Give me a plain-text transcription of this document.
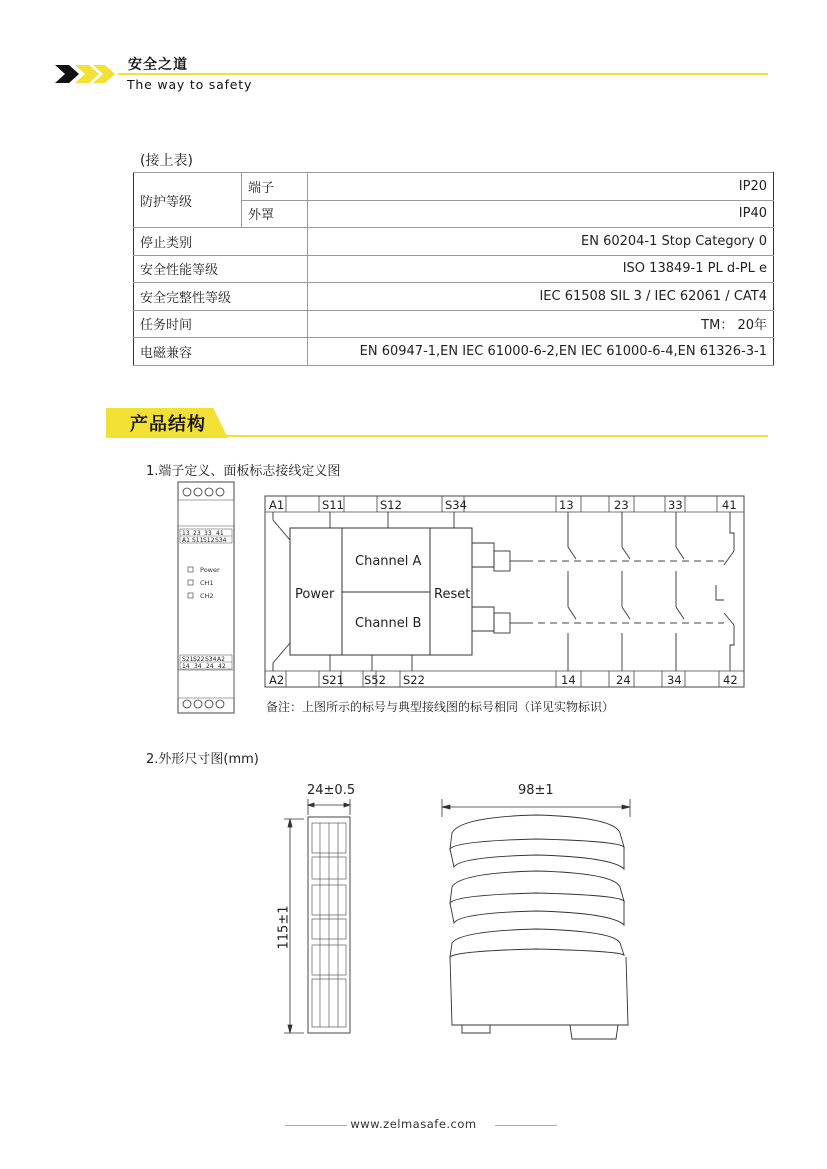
安全之道
The way to safety
(接上表)
防护等级	端子	IP20
	外罩	IP40
停止类别		EN 60204-1 Stop Category 0
安全性能等级		ISO 13849-1 PL d-PL e
安全完整性等级		IEC 61508 SIL 3 / IEC 62061 / CAT4
任务时间		TM： 20年
电磁兼容		EN 60947-1,EN IEC 61000-6-2,EN IEC 61000-6-4,EN 61326-3-1
产品结构
1.端子定义、面板标志接线定义图
13 23 33 41
A1 S11 S12 S34
Power
CH1
CH2
S21 S22 S34 A2
14 34 24 42
A1	S11	S12	S34	13	23	33	41
A2	S21 S52 S22	14	24	34	42
Power
Channel A
Channel B
Reset
备注：上图所示的标号与典型接线图的标号相同（详见实物标识）
2.外形尺寸图(mm)
24±0.5
115±1
98±1
www.zelmasafe.com
